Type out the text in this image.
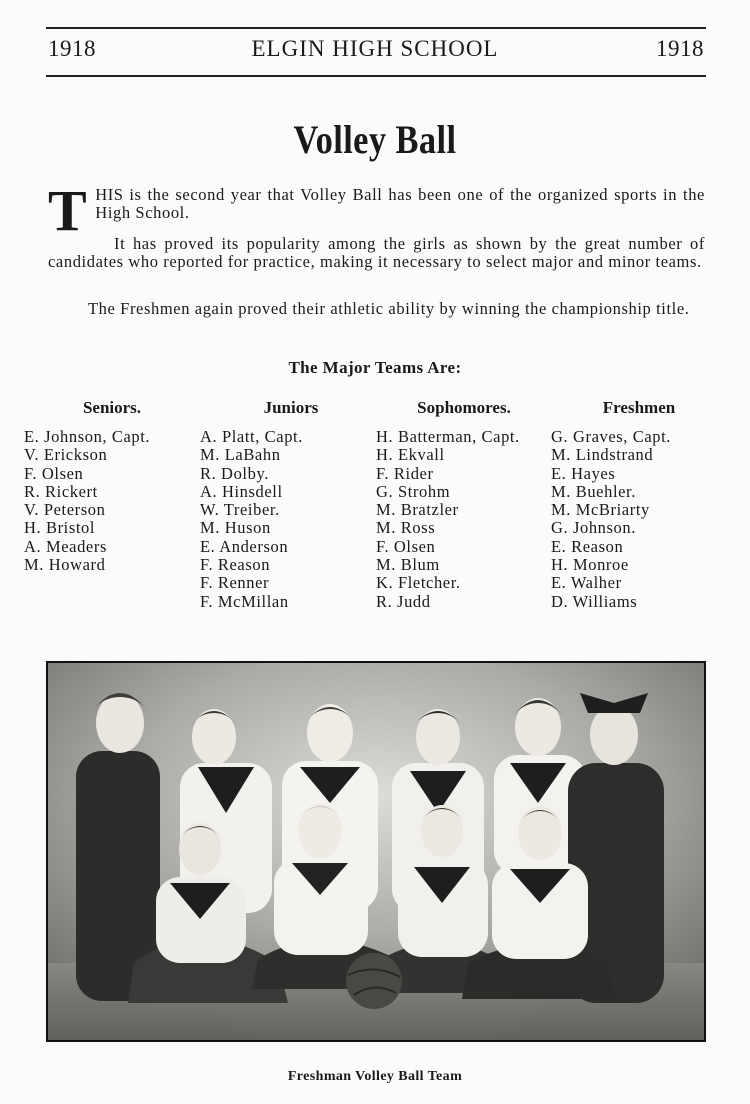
1918	ELGIN HIGH SCHOOL	1918
Volley Ball
THIS is the second year that Volley Ball has been one of the organized sports in the High School.
It has proved its popularity among the girls as shown by the great number of candidates who reported for practice, making it necessary to select major and minor teams.
The Freshmen again proved their athletic ability by winning the championship title.
The Major Teams Are:
Seniors.
E. Johnson, Capt.
V. Erickson
F. Olsen
R. Rickert
V. Peterson
H. Bristol
A. Meaders
M. Howard
Juniors
A. Platt, Capt.
M. LaBahn
R. Dolby.
A. Hinsdell
W. Treiber.
M. Huson
E. Anderson
F. Reason
F. Renner
F. McMillan
Sophomores.
H. Batterman, Capt.
H. Ekvall
F. Rider
G. Strohm
M. Bratzler
M. Ross
F. Olsen
M. Blum
K. Fletcher.
R. Judd
Freshmen
G. Graves, Capt.
M. Lindstrand
E. Hayes
M. Buehler.
M. McBriarty
G. Johnson.
E. Reason
H. Monroe
E. Walher
D. Williams
Freshman Volley Ball Team
